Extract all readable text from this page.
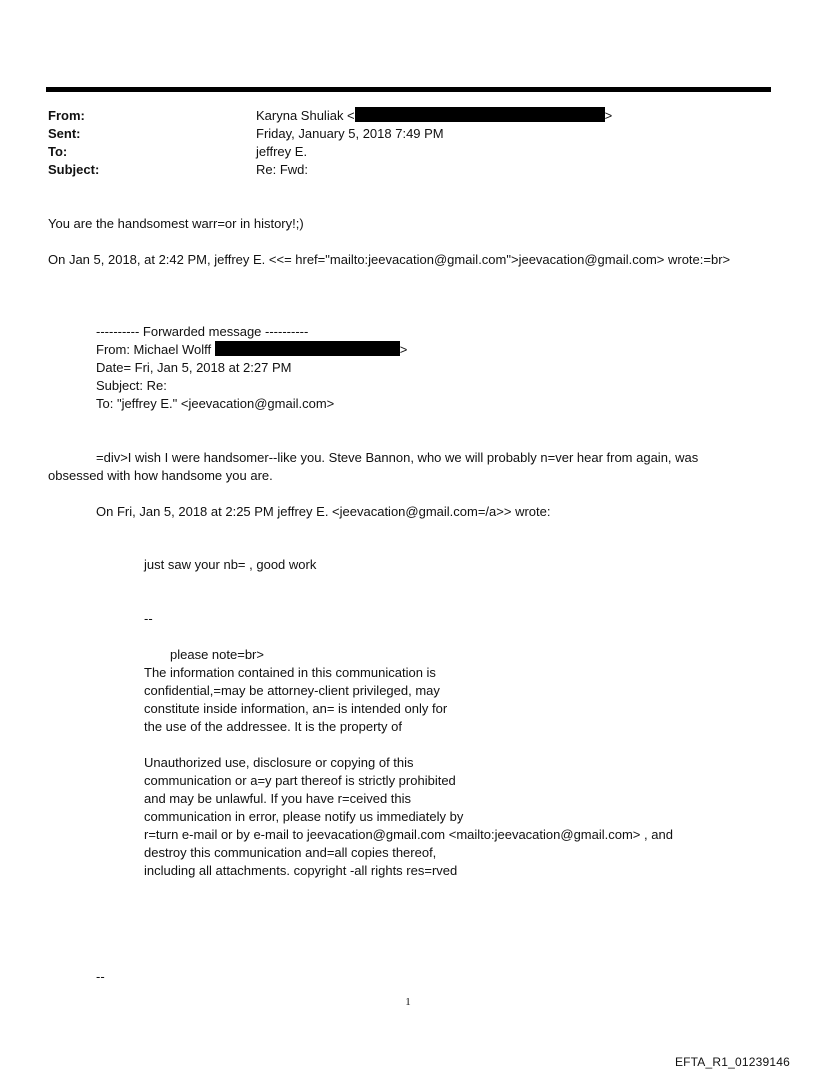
From:	Karyna Shuliak <	>
Sent:	Friday, January 5, 2018 7:49 PM
To:	jeffrey E.
Subject:	Re: Fwd:
You are the handsomest warr=or in history!;)
On Jan 5, 2018, at 2:42 PM, jeffrey E. <<= href="mailto:jeevacation@gmail.com">jeevacation@gmail.com> wrote:=br>
---------- Forwarded message ----------
From: Michael Wolff	>
Date= Fri, Jan 5, 2018 at 2:27 PM
Subject: Re:
To: "jeffrey E." <jeevacation@gmail.com>
=div>I wish I were handsomer--like you. Steve Bannon, who we will probably n=ver hear from again, was
obsessed with how handsome you are.
On Fri, Jan 5, 2018 at 2:25 PM jeffrey E. <jeevacation@gmail.com=/a>> wrote:
just saw your nb= , good work
--
please note=br>
The information contained in this communication is
confidential,=may be attorney-client privileged, may
constitute inside information, an= is intended only for
the use of the addressee. It is the property of
Unauthorized use, disclosure or copying of this
communication or a=y part thereof is strictly prohibited
and may be unlawful. If you have r=ceived this
communication in error, please notify us immediately by
r=turn e-mail or by e-mail to jeevacation@gmail.com <mailto:jeevacation@gmail.com> , and
destroy this communication and=all copies thereof,
including all attachments. copyright -all rights res=rved
--
1
EFTA_R1_01239146
